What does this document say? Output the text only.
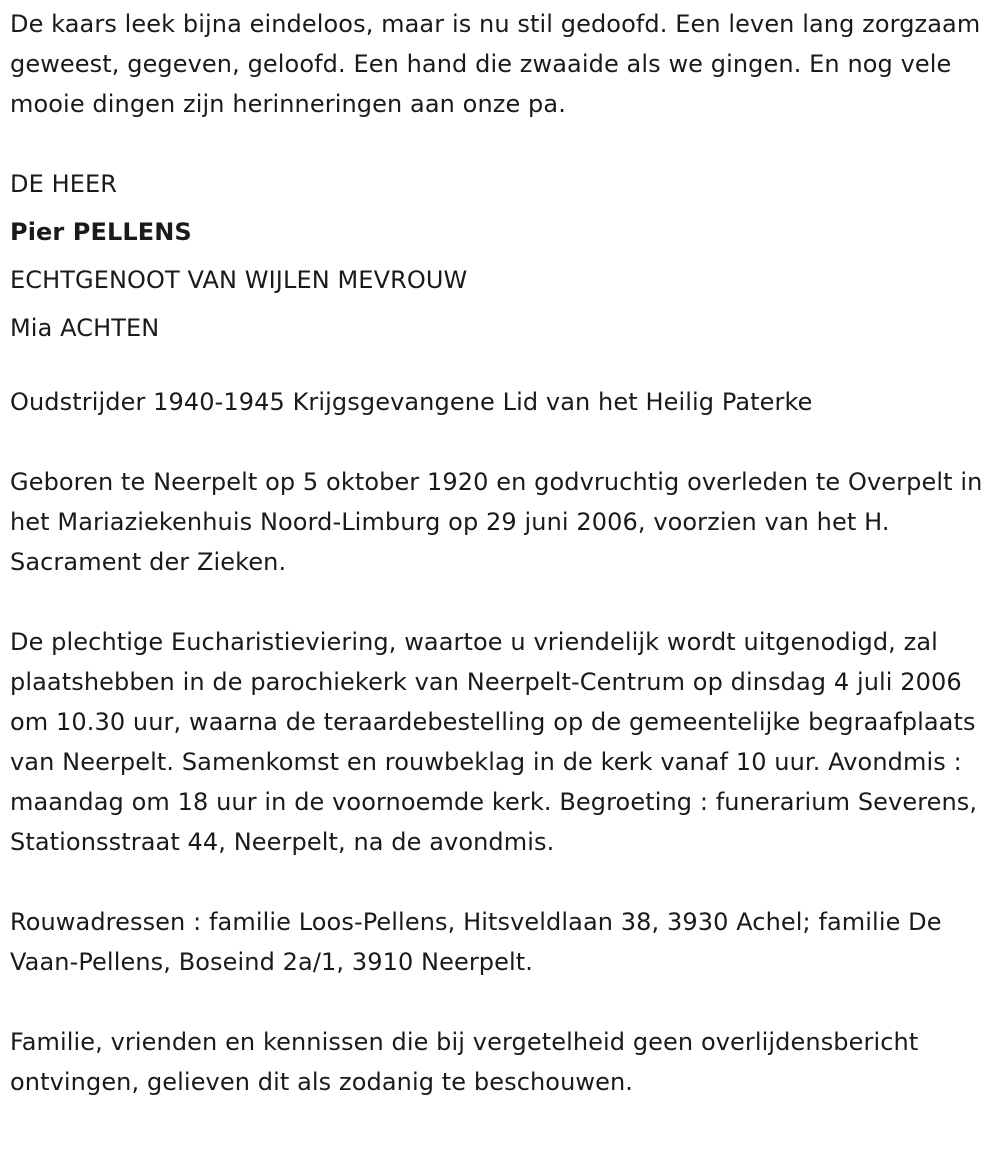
De kaars leek bijna eindeloos, maar is nu stil gedoofd. Een leven lang zorgzaam geweest, gegeven, geloofd. Een hand die zwaaide als we gingen. En nog vele mooie dingen zijn herinneringen aan onze pa.

DE HEER
Pier PELLENS
ECHTGENOOT VAN WIJLEN MEVROUW
Mia ACHTEN

Oudstrijder 1940-1945 Krijgsgevangene Lid van het Heilig Paterke

Geboren te Neerpelt op 5 oktober 1920 en godvruchtig overleden te Overpelt in het Mariaziekenhuis Noord-Limburg op 29 juni 2006, voorzien van het H. Sacrament der Zieken.

De plechtige Eucharistieviering, waartoe u vriendelijk wordt uitgenodigd, zal plaatshebben in de parochiekerk van Neerpelt-Centrum op dinsdag 4 juli 2006 om 10.30 uur, waarna de teraardebestelling op de gemeentelijke begraafplaats van Neerpelt. Samenkomst en rouwbeklag in de kerk vanaf 10 uur. Avondmis : maandag om 18 uur in de voornoemde kerk. Begroeting : funerarium Severens, Stationsstraat 44, Neerpelt, na de avondmis.

Rouwadressen : familie Loos-Pellens, Hitsveldlaan 38, 3930 Achel; familie De Vaan-Pellens, Boseind 2a/1, 3910 Neerpelt.

Familie, vrienden en kennissen die bij vergetelheid geen overlijdensbericht ontvingen, gelieven dit als zodanig te beschouwen.
